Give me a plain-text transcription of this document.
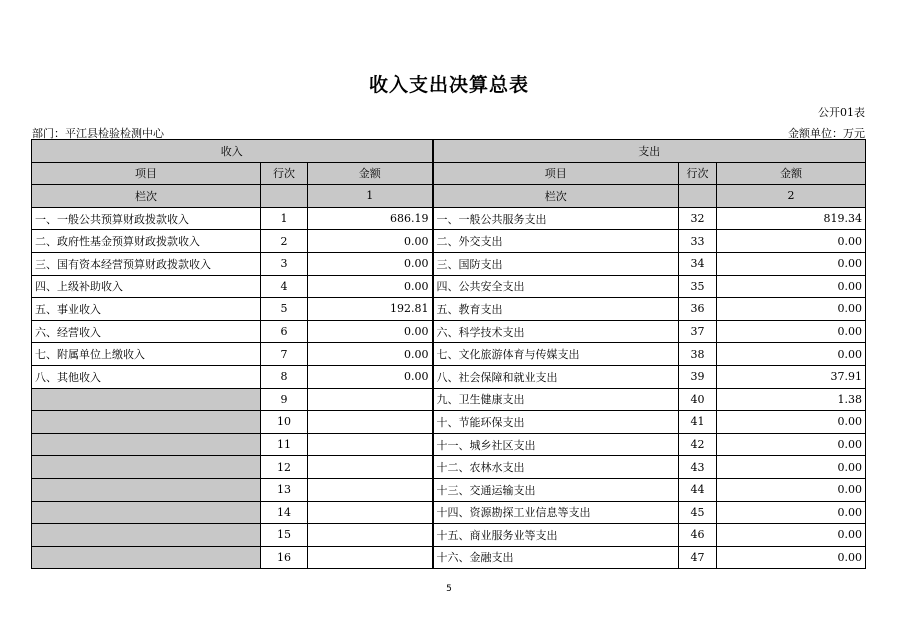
收入支出决算总表
公开01表
部门：平江县检验检测中心	金额单位：万元
收入			支出		
项目	行次	金额	项目	行次	金额
栏次		1	栏次		2
一、一般公共预算财政拨款收入	1	686.19	一、一般公共服务支出	32	819.34
二、政府性基金预算财政拨款收入	2	0.00	二、外交支出	33	0.00
三、国有资本经营预算财政拨款收入	3	0.00	三、国防支出	34	0.00
四、上级补助收入	4	0.00	四、公共安全支出	35	0.00
五、事业收入	5	192.81	五、教育支出	36	0.00
六、经营收入	6	0.00	六、科学技术支出	37	0.00
七、附属单位上缴收入	7	0.00	七、文化旅游体育与传媒支出	38	0.00
八、其他收入	8	0.00	八、社会保障和就业支出	39	37.91
	9		九、卫生健康支出	40	1.38
	10		十、节能环保支出	41	0.00
	11		十一、城乡社区支出	42	0.00
	12		十二、农林水支出	43	0.00
	13		十三、交通运输支出	44	0.00
	14		十四、资源勘探工业信息等支出	45	0.00
	15		十五、商业服务业等支出	46	0.00
	16		十六、金融支出	47	0.00
5
